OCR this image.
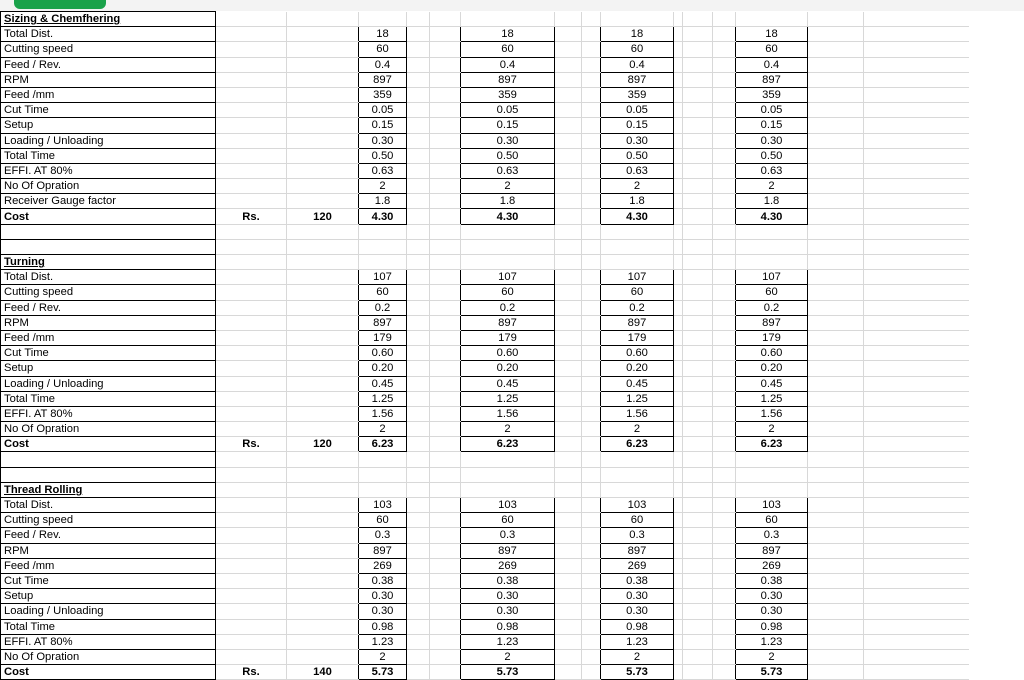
Sizing & Chemfhering															
Total Dist.			18			18			18				18		
Cutting speed			60			60			60				60		
Feed / Rev.			0.4			0.4			0.4				0.4		
RPM			897			897			897				897		
Feed /mm			359			359			359				359		
Cut Time			0.05			0.05			0.05				0.05		
Setup			0.15			0.15			0.15				0.15		
Loading / Unloading			0.30			0.30			0.30				0.30		
Total Time			0.50			0.50			0.50				0.50		
EFFI. AT 80%			0.63			0.63			0.63				0.63		
No Of Opration			2			2			2				2		
Receiver Gauge factor			1.8			1.8			1.8				1.8		
Cost	Rs.	120	4.30			4.30			4.30				4.30		

Turning															
Total Dist.			107			107			107				107		
Cutting speed			60			60			60				60		
Feed / Rev.			0.2			0.2			0.2				0.2		
RPM			897			897			897				897		
Feed /mm			179			179			179				179		
Cut Time			0.60			0.60			0.60				0.60		
Setup			0.20			0.20			0.20				0.20		
Loading / Unloading			0.45			0.45			0.45				0.45		
Total Time			1.25			1.25			1.25				1.25		
EFFI. AT 80%			1.56			1.56			1.56				1.56		
No Of Opration			2			2			2				2		
Cost	Rs.	120	6.23			6.23			6.23				6.23		

Thread Rolling															
Total Dist.			103			103			103				103		
Cutting speed			60			60			60				60		
Feed / Rev.			0.3			0.3			0.3				0.3		
RPM			897			897			897				897		
Feed /mm			269			269			269				269		
Cut Time			0.38			0.38			0.38				0.38		
Setup			0.30			0.30			0.30				0.30		
Loading / Unloading			0.30			0.30			0.30				0.30		
Total Time			0.98			0.98			0.98				0.98		
EFFI. AT 80%			1.23			1.23			1.23				1.23		
No Of Opration			2			2			2				2		
Cost	Rs.	140	5.73			5.73			5.73				5.73		
